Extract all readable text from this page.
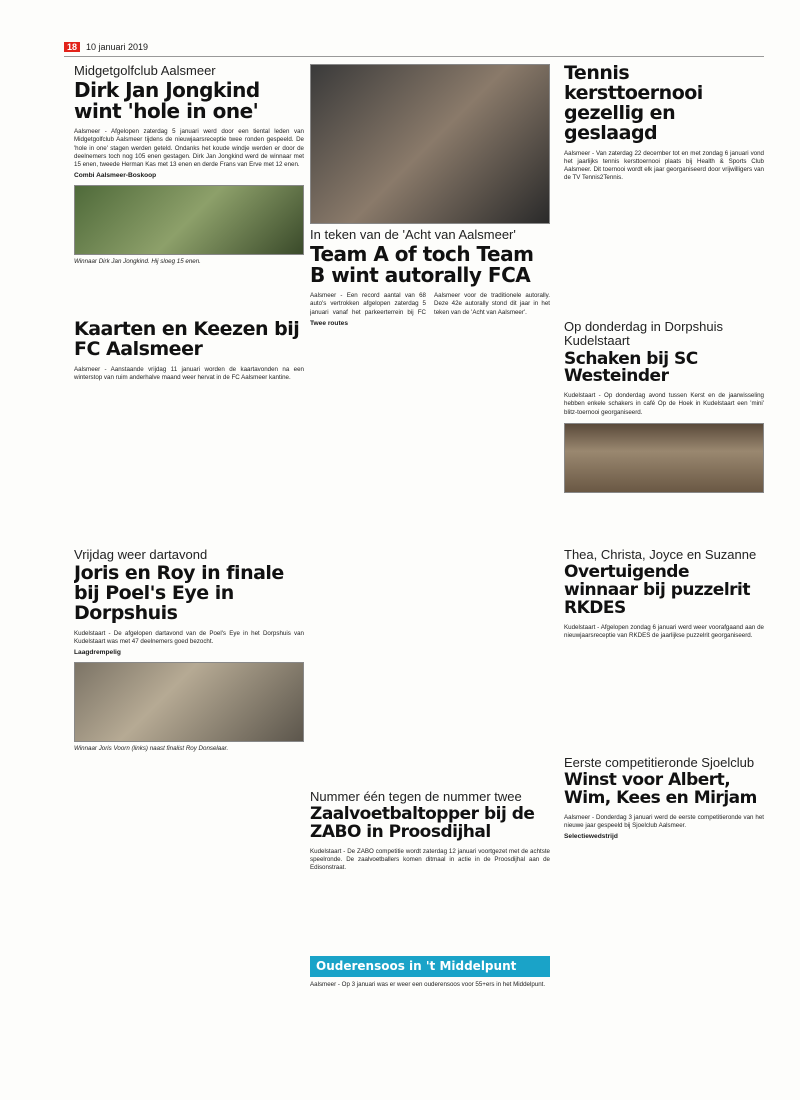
18	10 januari 2019
Midgetgolfclub Aalsmeer
Dirk Jan Jongkind wint 'hole in one'
Aalsmeer - Afgelopen zaterdag 5 januari werd door een tiental leden van Midgetgolfclub Aalsmeer tijdens de nieuwjaarsreceptie twee ronden gespeeld. De 'hole in one' stagen werden geteld. Ondanks het koude windje werden er door de deelnemers toch nog 105 enen gestagen. Dirk Jan Jongkind werd de winnaar met 15 enen, tweede Herman Kas met 13 enen en derde Frans van Erve met 12 enen.
Combi Aalsmeer-Boskoop
Winnaar Dirk Jan Jongkind. Hij sloeg 15 enen.
In teken van de 'Acht van Aalsmeer'
Team A of toch Team B wint autorally FCA
Aalsmeer - Een record aantal van 68 auto's vertrokken afgelopen zaterdag 5 januari vanaf het parkeerterrein bij FC Aalsmeer voor de traditionele autorally. Deze 42e autorally stond dit jaar in het teken van de 'Acht van Aalsmeer'.
Twee routes
Tennis kersttoernooi gezellig en geslaagd
Aalsmeer - Van zaterdag 22 december tot en met zondag 6 januari vond het jaarlijks tennis kersttoernooi plaats bij Health & Sports Club Aalsmeer. Dit toernooi wordt elk jaar georganiseerd door vrijwilligers van de TV Tennis2Tennis.
Op donderdag in Dorpshuis Kudelstaart
Schaken bij SC Westeinder
Kudelstaart - Op donderdag avond tussen Kerst en de jaarwisseling hebben enkele schakers in café Op de Hoek in Kudelstaart een 'mini' blitz-toernooi georganiseerd.
Kaarten en Keezen bij FC Aalsmeer
Aalsmeer - Aanstaande vrijdag 11 januari worden de kaartavonden na een winterstop van ruim anderhalve maand weer hervat in de FC Aalsmeer kantine.
Thea, Christa, Joyce en Suzanne
Overtuigende winnaar bij puzzelrit RKDES
Kudelstaart - Afgelopen zondag 6 januari werd weer voorafgaand aan de nieuwjaarsreceptie van RKDES de jaarlijkse puzzelrit georganiseerd.
Vrijdag weer dartavond
Joris en Roy in finale bij Poel's Eye in Dorpshuis
Kudelstaart - De afgelopen dartavond van de Poel's Eye in het Dorpshuis van Kudelstaart was met 47 deelnemers goed bezocht.
Laagdrempelig
Winnaar Joris Voorn (links) naast finalist Roy Donselaar.
Eerste competitieronde Sjoelclub
Winst voor Albert, Wim, Kees en Mirjam
Aalsmeer - Donderdag 3 januari werd de eerste competitieronde van het nieuwe jaar gespeeld bij Sjoelclub Aalsmeer.
Selectiewedstrijd
Nummer één tegen de nummer twee
Zaalvoetbaltopper bij de ZABO in Proosdijhal
Kudelstaart - De ZABO competitie wordt zaterdag 12 januari voortgezet met de achtste speelronde. De zaalvoetballers komen ditmaal in actie in de Proosdijhal aan de Edisonstraat.
Ouderensoos in 't Middelpunt
Aalsmeer - Op 3 januari was er weer een ouderensoos voor 55+ers in het Middelpunt.
